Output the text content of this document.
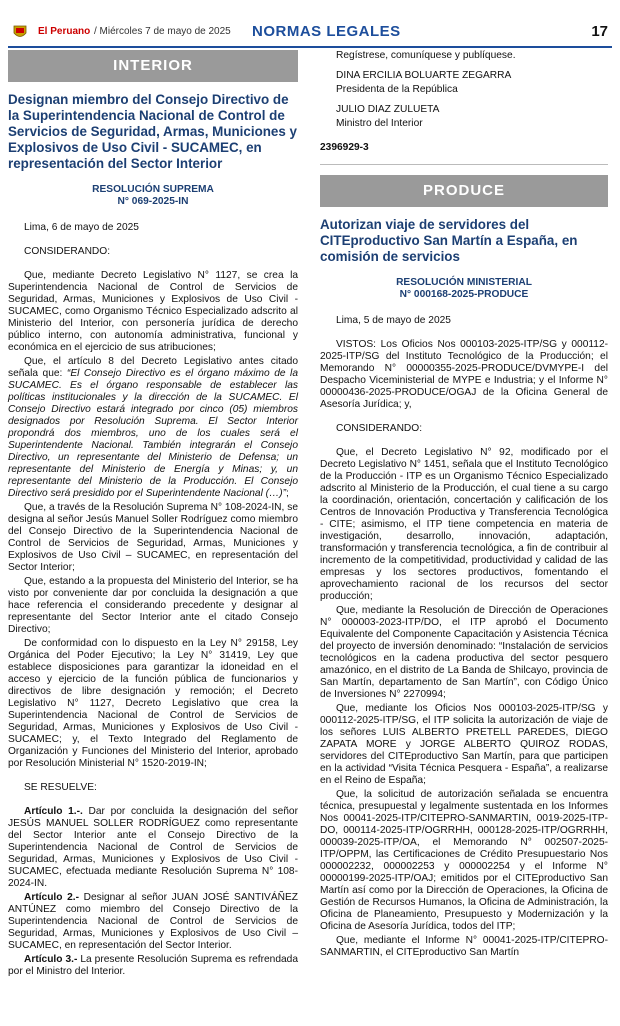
El Peruano / Miércoles 7 de mayo de 2025 NORMAS LEGALES	17
INTERIOR
Designan miembro del Consejo Directivo de la Superintendencia Nacional de Control de Servicios de Seguridad, Armas, Municiones y Explosivos de Uso Civil - SUCAMEC, en representación del Sector Interior
RESOLUCIÓN SUPREMA
N° 069-2025-IN

Lima, 6 de mayo de 2025

CONSIDERANDO:

Que, mediante Decreto Legislativo N° 1127, se crea la Superintendencia Nacional de Control de Servicios de Seguridad, Armas, Municiones y Explosivos de Uso Civil - SUCAMEC, como Organismo Técnico Especializado adscrito al Ministerio del Interior, con personería jurídica de derecho público interno, con autonomía administrativa, funcional y económica en el ejercicio de sus atribuciones;

Que, el artículo 8 del Decreto Legislativo antes citado señala que: “El Consejo Directivo es el órgano máximo de la SUCAMEC. Es el órgano responsable de establecer las políticas institucionales y la dirección de la SUCAMEC. El Consejo Directivo estará integrado por cinco (05) miembros designados por Resolución Suprema. El Sector Interior propondrá dos miembros, uno de los cuales será el Superintendente Nacional. También integrarán el Consejo Directivo, un representante del Ministerio de Defensa; un representante del Ministerio de Energía y Minas; y, un representante del Ministerio de la Producción. El Consejo Directivo será presidido por el Superintendente Nacional (…)”;

Que, a través de la Resolución Suprema N° 108-2024-IN, se designa al señor Jesús Manuel Soller Rodríguez como miembro del Consejo Directivo de la Superintendencia Nacional de Control de Servicios de Seguridad, Armas, Municiones y Explosivos de Uso Civil – SUCAMEC, en representación del Sector Interior;

Que, estando a la propuesta del Ministerio del Interior, se ha visto por conveniente dar por concluida la designación a que hace referencia el considerando precedente y designar al representante del Sector Interior ante el citado Consejo Directivo;

De conformidad con lo dispuesto en la Ley N° 29158, Ley Orgánica del Poder Ejecutivo; la Ley N° 31419, Ley que establece disposiciones para garantizar la idoneidad en el acceso y ejercicio de la función pública de funcionarios y directivos de libre designación y remoción; el Decreto Legislativo N° 1127, Decreto Legislativo que crea la Superintendencia Nacional de Control de Servicios de Seguridad, Armas, Municiones y Explosivos de Uso Civil - SUCAMEC; y, el Texto Integrado del Reglamento de Organización y Funciones del Ministerio del Interior, aprobado por Resolución Ministerial N° 1520-2019-IN;

SE RESUELVE:

Artículo 1.-. Dar por concluida la designación del señor JESÚS MANUEL SOLLER RODRÍGUEZ como representante del Sector Interior ante el Consejo Directivo de la Superintendencia Nacional de Control de Servicios de Seguridad, Armas, Municiones y Explosivos de Uso Civil - SUCAMEC, efectuada mediante Resolución Suprema N° 108-2024-IN.

Artículo 2.- Designar al señor JUAN JOSÉ SANTIVÁÑEZ ANTÚNEZ como miembro del Consejo Directivo de la Superintendencia Nacional de Control de Servicios de Seguridad, Armas, Municiones y Explosivos de Uso Civil – SUCAMEC, en representación del Sector Interior.

Artículo 3.- La presente Resolución Suprema es refrendada por el Ministro del Interior.

Regístrese, comuníquese y publíquese.

DINA ERCILIA BOLUARTE ZEGARRA

Presidenta de la República

JULIO DIAZ ZULUETA

Ministro del Interior

2396929-3

PRODUCE
Autorizan viaje de servidores del CITEproductivo San Martín a España, en comisión de servicios
RESOLUCIÓN MINISTERIAL
N° 000168-2025-PRODUCE

Lima, 5 de mayo de 2025

VISTOS: Los Oficios Nos 000103-2025-ITP/SG y 000112-2025-ITP/SG del Instituto Tecnológico de la Producción; el Memorando N° 00000355-2025-PRODUCE/DVMYPE-I del Despacho Viceministerial de MYPE e Industria; y el Informe N° 00000436-2025-PRODUCE/OGAJ de la Oficina General de Asesoría Jurídica; y,

CONSIDERANDO:

Que, el Decreto Legislativo N° 92, modificado por el Decreto Legislativo N° 1451, señala que el Instituto Tecnológico de la Producción - ITP es un Organismo Técnico Especializado adscrito al Ministerio de la Producción, el cual tiene a su cargo la coordinación, orientación, concertación y calificación de los Centros de Innovación Productiva y Transferencia Tecnológica - CITE; asimismo, el ITP tiene competencia en materia de investigación, desarrollo, innovación, adaptación, transformación y transferencia tecnológica, a fin de contribuir al incremento de la competitividad, productividad y calidad de las empresas y los sectores productivos, fomentando el aprovechamiento racional de los recursos del sector producción;

Que, mediante la Resolución de Dirección de Operaciones N° 000003-2023-ITP/DO, el ITP aprobó el Documento Equivalente del Componente Capacitación y Asistencia Técnica del proyecto de inversión denominado: “Instalación de servicios tecnológicos en la cadena productiva del sector pesquero amazónico, en el distrito de La Banda de Shilcayo, provincia de San Martín, departamento de San Martín”, con Código Único de Inversiones N° 2270994;

Que, mediante los Oficios Nos 000103-2025-ITP/SG y 000112-2025-ITP/SG, el ITP solicita la autorización de viaje de los señores LUIS ALBERTO PRETELL PAREDES, DIEGO ZAPATA MORE y JORGE ALBERTO QUIROZ RODAS, servidores del CITEproductivo San Martín, para que participen en la actividad “Visita Técnica Pesquera - España”, a realizarse en el Reino de España;

Que, la solicitud de autorización señalada se encuentra técnica, presupuestal y legalmente sustentada en los Informes Nos 00041-2025-ITP/CITEPRO-SANMARTIN, 0019-2025-ITP-DO, 000114-2025-ITP/OGRRHH, 000128-2025-ITP/OGRRHH, 000039-2025-ITP/OA, el Memorando N° 002507-2025-ITP/OPPM, las Certificaciones de Crédito Presupuestario Nos 000002232, 000002253 y 000002254 y el Informe N° 00000199-2025-ITP/OAJ; emitidos por el CITEproductivo San Martín así como por la Dirección de Operaciones, la Oficina de Gestión de Recursos Humanos, la Oficina de Administración, la Oficina de Planeamiento, Presupuesto y Modernización y la Oficina de Asesoría Jurídica, todos del ITP;

Que, mediante el Informe N° 00041-2025-ITP/CITEPRO-SANMARTIN, el CITEproductivo San Martín
